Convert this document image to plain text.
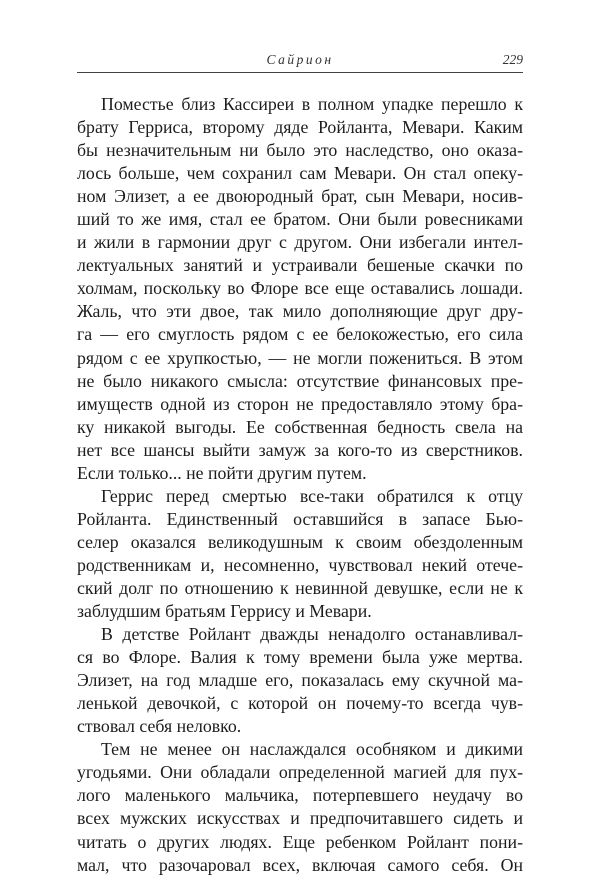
Сайрион	229
Поместье близ Кассиреи в полном упадке перешло к
брату Герриса, второму дяде Ройланта, Мевари. Каким
бы незначительным ни было это наследство, оно оказа-
лось больше, чем сохранил сам Мевари. Он стал опеку-
ном Элизет, а ее двоюродный брат, сын Мевари, носив-
ший то же имя, стал ее братом. Они были ровесниками
и жили в гармонии друг с другом. Они избегали интел-
лектуальных занятий и устраивали бешеные скачки по
холмам, поскольку во Флоре все еще оставались лошади.
Жаль, что эти двое, так мило дополняющие друг дру-
га — его смуглость рядом с ее белокожестью, его сила
рядом с ее хрупкостью, — не могли пожениться. В этом
не было никакого смысла: отсутствие финансовых пре-
имуществ одной из сторон не предоставляло этому бра-
ку никакой выгоды. Ее собственная бедность свела на
нет все шансы выйти замуж за кого-то из сверстников.
Если только... не пойти другим путем.
Геррис перед смертью все-таки обратился к отцу
Ройланта. Единственный оставшийся в запасе Бью-
селер оказался великодушным к своим обездоленным
родственникам и, несомненно, чувствовал некий отече-
ский долг по отношению к невинной девушке, если не к
заблудшим братьям Геррису и Мевари.
В детстве Ройлант дважды ненадолго останавливал-
ся во Флоре. Валия к тому времени была уже мертва.
Элизет, на год младше его, показалась ему скучной ма-
ленькой девочкой, с которой он почему-то всегда чув-
ствовал себя неловко.
Тем не менее он наслаждался особняком и дикими
угодьями. Они обладали определенной магией для пух-
лого маленького мальчика, потерпевшего неудачу во
всех мужских искусствах и предпочитавшего сидеть и
читать о других людях. Еще ребенком Ройлант пони-
мал, что разочаровал всех, включая самого себя. Он
